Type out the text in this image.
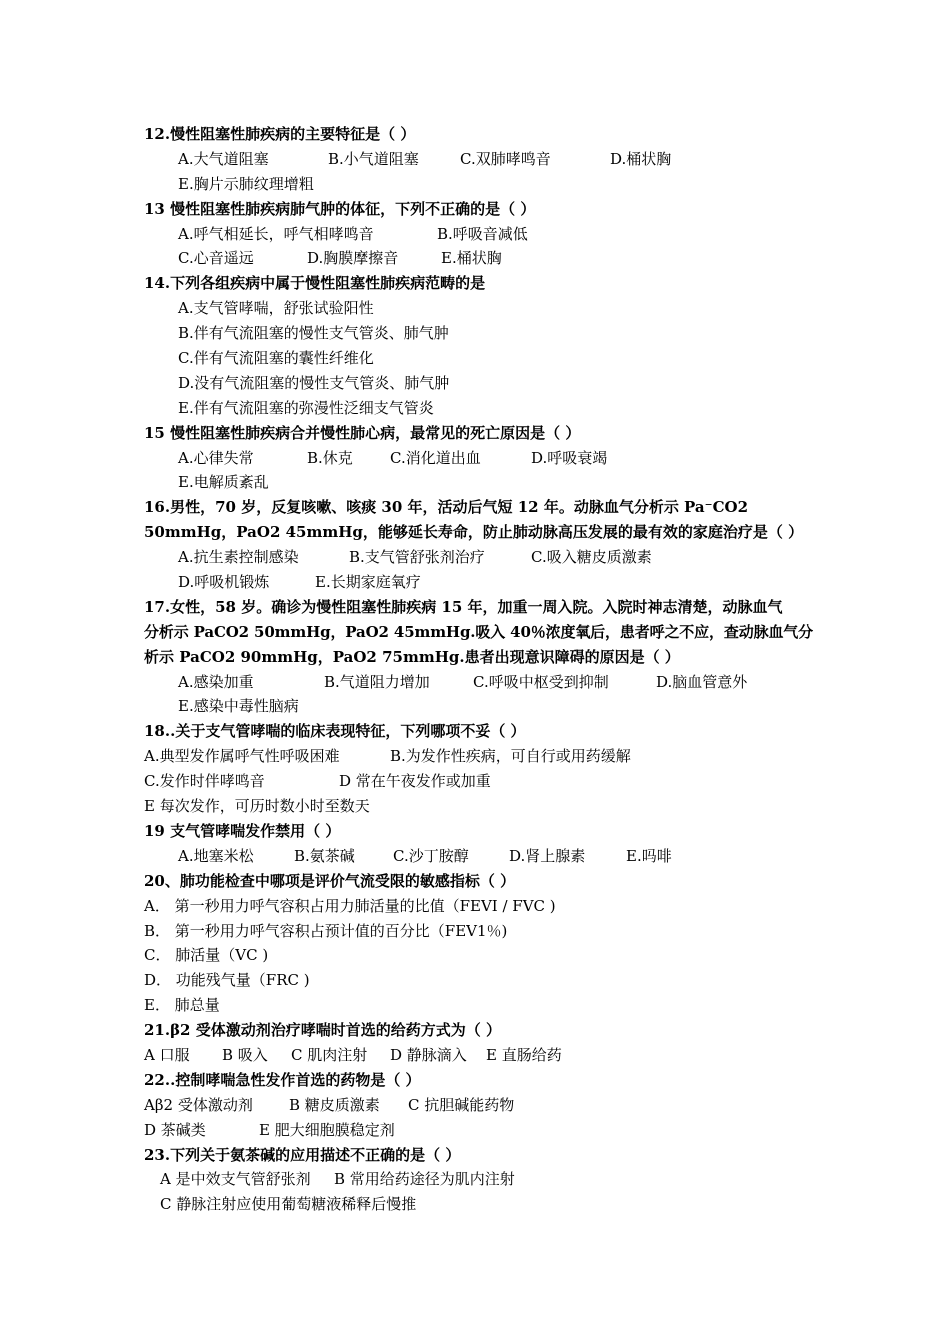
12.慢性阻塞性肺疾病的主要特征是（ ）
A.大气道阻塞	B.小气道阻塞	C.双肺哮鸣音	D.桶状胸
E.胸片示肺纹理增粗
13 慢性阻塞性肺疾病肺气肿的体征，下列不正确的是（ ）
A.呼气相延长，呼气相哮鸣音	B.呼吸音减低
C.心音遥远	D.胸膜摩擦音	E.桶状胸
14.下列各组疾病中属于慢性阻塞性肺疾病范畴的是
A.支气管哮喘，舒张试验阳性
B.伴有气流阻塞的慢性支气管炎、肺气肿
C.伴有气流阻塞的囊性纤维化
D.没有气流阻塞的慢性支气管炎、肺气肿
E.伴有气流阻塞的弥漫性泛细支气管炎
15 慢性阻塞性肺疾病合并慢性肺心病，最常见的死亡原因是（ ）
A.心律失常	B.休克 C.消化道出血	D.呼吸衰竭
E.电解质紊乱
16.男性，70 岁，反复咳嗽、咳痰 30 年，活动后气短 12 年。动脉血气分析示 Pa⁻CO2
50mmHg，PaO2 45mmHg，能够延长寿命，防止肺动脉高压发展的最有效的家庭治疗是（ ）
A.抗生素控制感染	B.支气管舒张剂治疗	C.吸入糖皮质激素
D.呼吸机锻炼	E.长期家庭氧疗
17.女性，58 岁。确诊为慢性阻塞性肺疾病 15 年，加重一周入院。入院时神志清楚，动脉血气
分析示 PaCO2 50mmHg，PaO2 45mmHg.吸入 40％浓度氧后，患者呼之不应，查动脉血气分
析示 PaCO2 90mmHg，PaO2 75mmHg.患者出现意识障碍的原因是（ ）
A.感染加重	B.气道阻力增加	C.呼吸中枢受到抑制	D.脑血管意外
E.感染中毒性脑病
18..关于支气管哮喘的临床表现特征，下列哪项不妥（ ）
A.典型发作属呼气性呼吸困难	B.为发作性疾病，可自行或用药缓解
C.发作时伴哮鸣音	D 常在午夜发作或加重
E 每次发作，可历时数小时至数天
19 支气管哮喘发作禁用（ ）
A.地塞米松	B.氨茶碱	C.沙丁胺醇	D.肾上腺素	E.吗啡
20、肺功能检查中哪项是评价气流受限的敏感指标（ ）
A． 第一秒用力呼气容积占用力肺活量的比值（FEVI / FVC )
B． 第一秒用力呼气容积占预计值的百分比（FEV1％)
C． 肺活量（VC )
D． 功能残气量（FRC )
E． 肺总量
21.β2 受体激动剂治疗哮喘时首选的给药方式为（ ）
A 口服 B 吸入 C 肌肉注射 D 静脉滴入 E 直肠给药
22..控制哮喘急性发作首选的药物是（ ）
Aβ2 受体激动剂 B 糖皮质激素 C 抗胆碱能药物
D 茶碱类	E 肥大细胞膜稳定剂
23.下列关于氨茶碱的应用描述不正确的是（ ）
A 是中效支气管舒张剂 B 常用给药途径为肌内注射
C 静脉注射应使用葡萄糖液稀释后慢推
